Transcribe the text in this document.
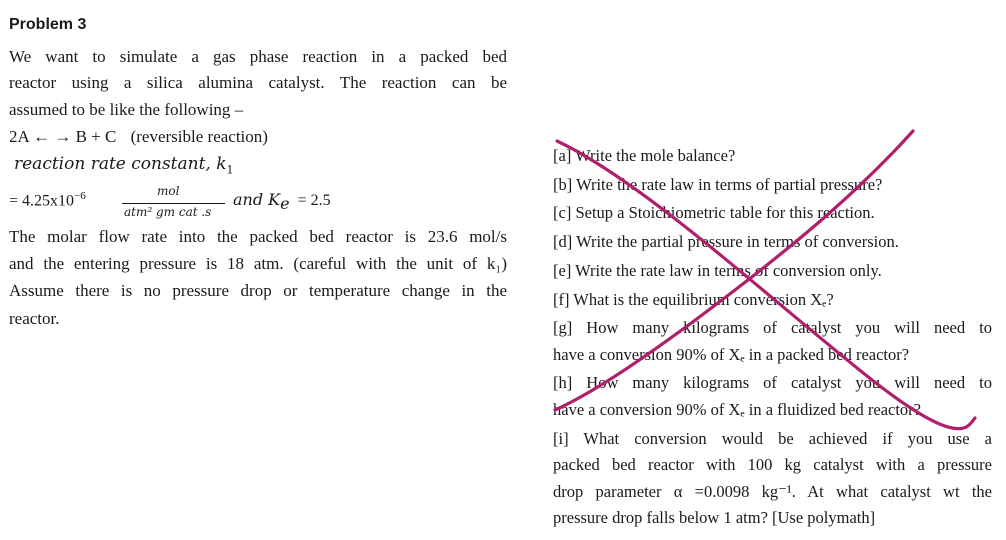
Problem 3
We want to simulate a gas phase reaction in a packed bed
reactor using a silica alumina catalyst. The reaction can be
assumed to be like the following –
2A ← → B + C (reversible reaction)
reaction rate constant, $k_1$
= $4.25x10^{-6}$	mol
atm² gm cat .s
and $K_e = 2.5$
The molar flow rate into the packed bed reactor is 23.6 mol/s
and the entering pressure is 18 atm. (careful with the unit of k₁)
Assume there is no pressure drop or temperature change in the
reactor.
[a] Write the mole balance?
[b] Write the rate law in terms of partial pressure?
[c] Setup a Stoichiometric table for this reaction.
[d] Write the partial pressure in terms of conversion.
[e] Write the rate law in terms of conversion only.
[f] What is the equilibrium conversion Xₑ?
[g] How many kilograms of catalyst you will need to
have a conversion 90% of Xₑ in a packed bed reactor?
[h] How many kilograms of catalyst you will need to
have a conversion 90% of Xₑ in a fluidized bed reactor?
[i] What conversion would be achieved if you use a
packed bed reactor with 100 kg catalyst with a pressure
drop parameter α =0.0098 kg⁻¹. At what catalyst wt the
pressure drop falls below 1 atm? [Use polymath]
